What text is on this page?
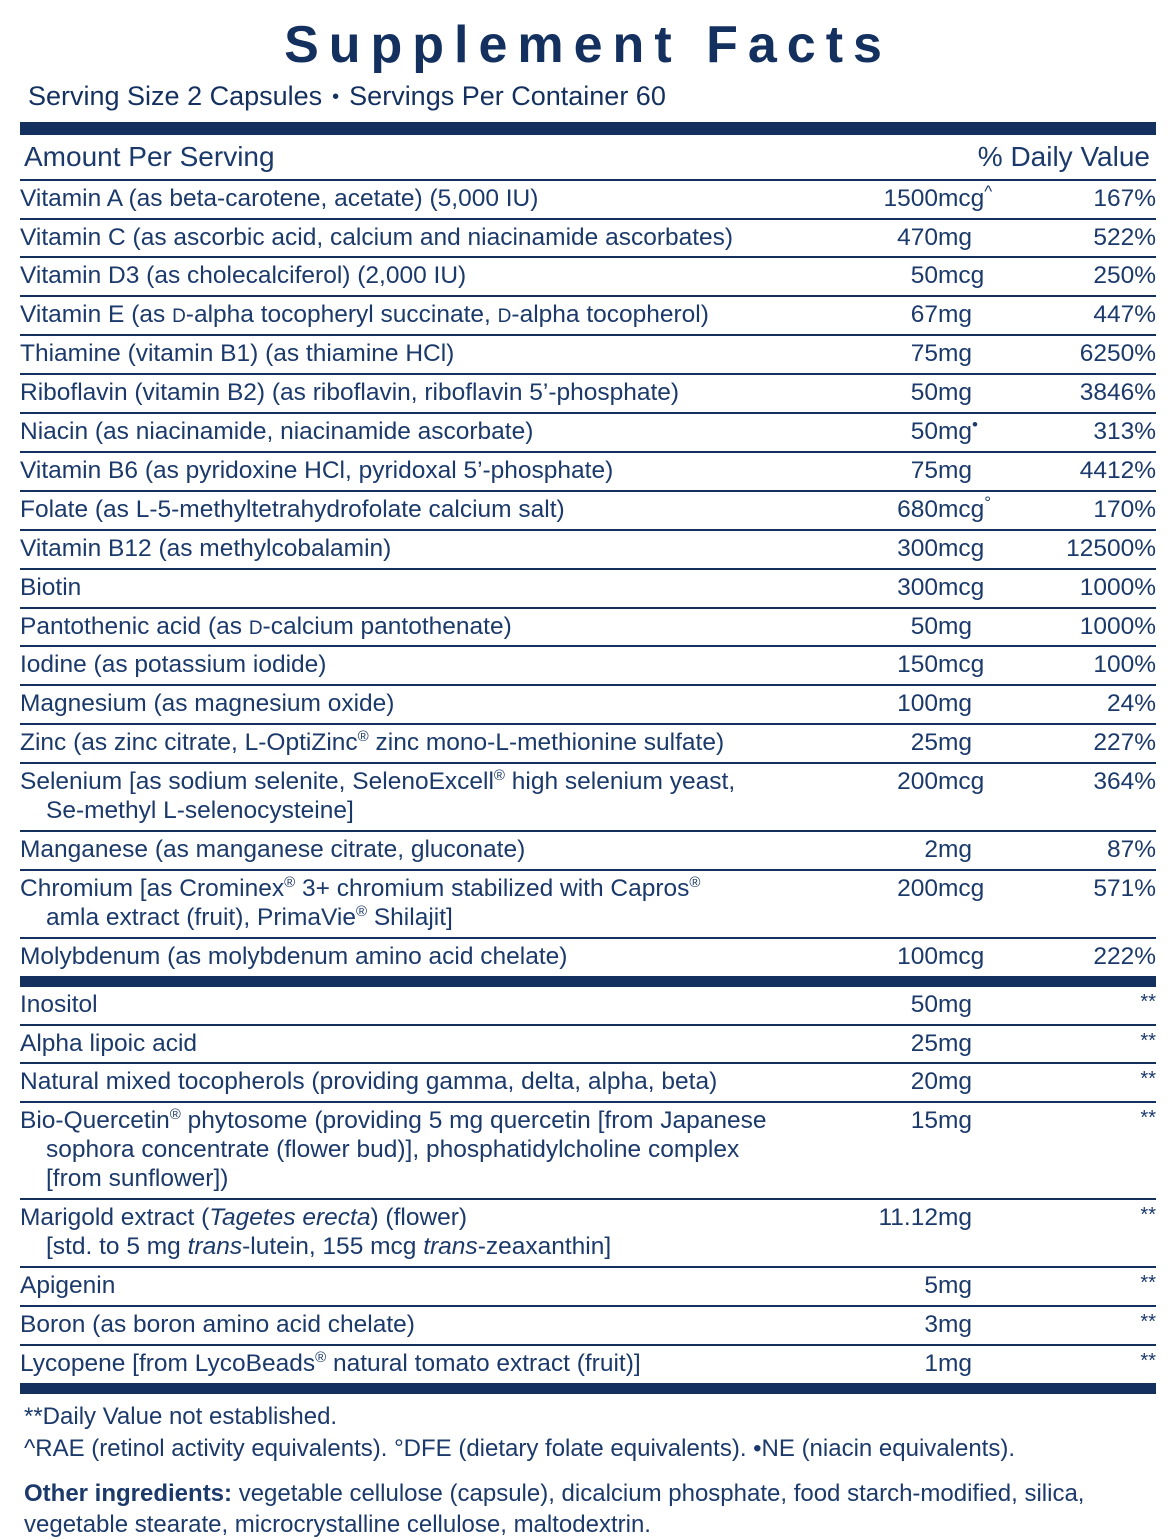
Supplement Facts
Serving Size 2 Capsules • Servings Per Container 60
Amount Per Serving	% Daily Value
Vitamin A (as beta-carotene, acetate) (5,000 IU)	1500	mcg^	167%
Vitamin C (as ascorbic acid, calcium and niacinamide ascorbates)	470	mg	522%
Vitamin D3 (as cholecalciferol) (2,000 IU)	50	mcg	250%
Vitamin E (as D-alpha tocopheryl succinate, D-alpha tocopherol)	67	mg	447%
Thiamine (vitamin B1) (as thiamine HCl)	75	mg	6250%
Riboflavin (vitamin B2) (as riboflavin, riboflavin 5’-phosphate)	50	mg	3846%
Niacin (as niacinamide, niacinamide ascorbate)	50	mg•	313%
Vitamin B6 (as pyridoxine HCl, pyridoxal 5’-phosphate)	75	mg	4412%
Folate (as L-5-methyltetrahydrofolate calcium salt)	680	mcg°	170%
Vitamin B12 (as methylcobalamin)	300	mcg	12500%
Biotin	300	mcg	1000%
Pantothenic acid (as D-calcium pantothenate)	50	mg	1000%
Iodine (as potassium iodide)	150	mcg	100%
Magnesium (as magnesium oxide)	100	mg	24%
Zinc (as zinc citrate, L-OptiZinc® zinc mono-L-methionine sulfate)	25	mg	227%
Selenium [as sodium selenite, SelenoExcell® high selenium yeast,
Se-methyl L-selenocysteine]	200	mcg	364%
Manganese (as manganese citrate, gluconate)	2	mg	87%
Chromium [as Crominex® 3+ chromium stabilized with Capros®
amla extract (fruit), PrimaVie® Shilajit]	200	mcg	571%
Molybdenum (as molybdenum amino acid chelate)	100	mcg	222%
Inositol	50	mg	**
Alpha lipoic acid	25	mg	**
Natural mixed tocopherols (providing gamma, delta, alpha, beta)	20	mg	**
Bio-Quercetin® phytosome (providing 5 mg quercetin [from Japanese
sophora concentrate (flower bud)], phosphatidylcholine complex [from sunflower])	15	mg	**
Marigold extract (Tagetes erecta) (flower)
[std. to 5 mg trans-lutein, 155 mcg trans-zeaxanthin]	11.12	mg	**
Apigenin	5	mg	**
Boron (as boron amino acid chelate)	3	mg	**
Lycopene [from LycoBeads® natural tomato extract (fruit)]	1	mg	**
**Daily Value not established.
^RAE (retinol activity equivalents). °DFE (dietary folate equivalents). •NE (niacin equivalents).
Other ingredients: vegetable cellulose (capsule), dicalcium phosphate, food starch-modified, silica, vegetable stearate, microcrystalline cellulose, maltodextrin.
